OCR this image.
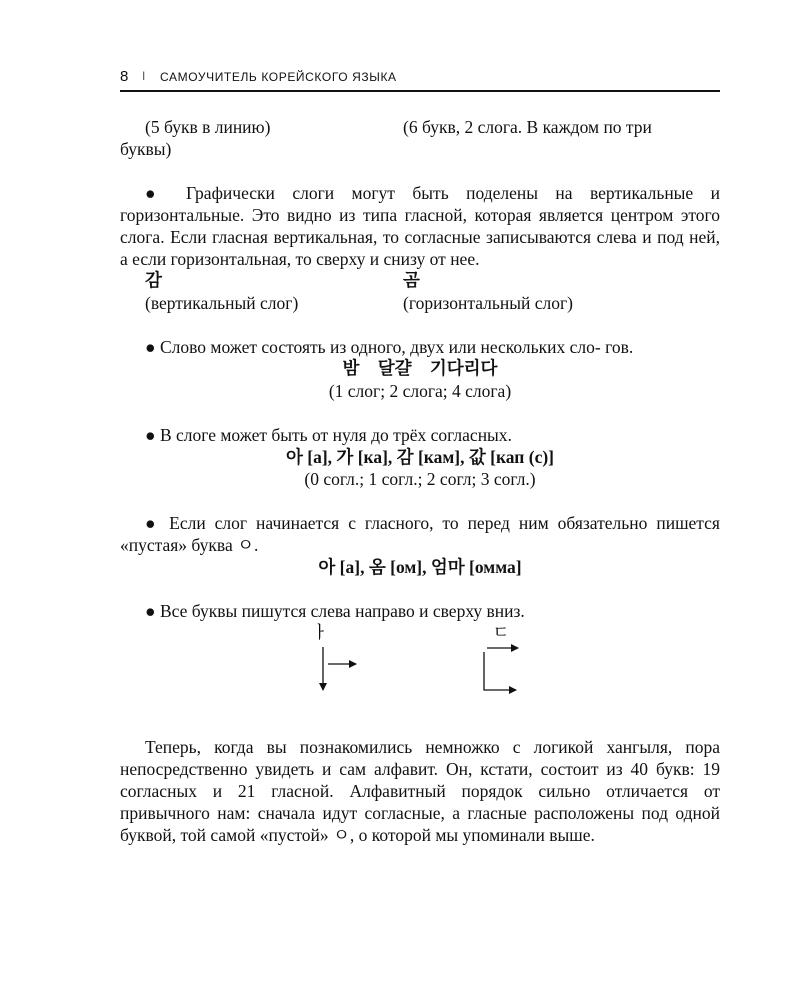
8 I САМОУЧИТЕЛЬ КОРЕЙСКОГО ЯЗЫКА
(5 букв в линию)	(6 букв, 2 слога. В каждом по три
буквы)

● Графически слоги могут быть поделены на вертикальные и горизонтальные. Это видно из типа гласной, которая является центром этого слога. Если гласная вертикальная, то согласные записываются слева и под ней, а если горизонтальная, то сверху и снизу от нее.

감	곰
(вертикальный слог)	(горизонтальный слог)

● Слово может состоять из одного, двух или нескольких сло- гов.

밤   달걀   기다리다
(1 слог; 2 слога; 4 слога)

● В слоге может быть от нуля до трёх согласных.

아 [а], 가 [ка], 감 [кам], 값 [кап (с)]
(0 согл.; 1 согл.; 2 согл; 3 согл.)

● Если слог начинается с гласного, то перед ним обязательно пишется «пустая» буква ㅇ.

아 [а], 옴 [ом], 엄마 [омма]

● Все буквы пишутся слева направо и сверху вниз.

ㅏ	ㄷ

Теперь, когда вы познакомились немножко с логикой хангыля, пора непосредственно увидеть и сам алфавит. Он, кстати, состоит из 40 букв: 19 согласных и 21 гласной. Алфавитный порядок сильно отличается от привычного нам: сначала идут согласные, а гласные расположены под одной буквой, той самой «пустой» ㅇ, о которой мы упоминали выше.
